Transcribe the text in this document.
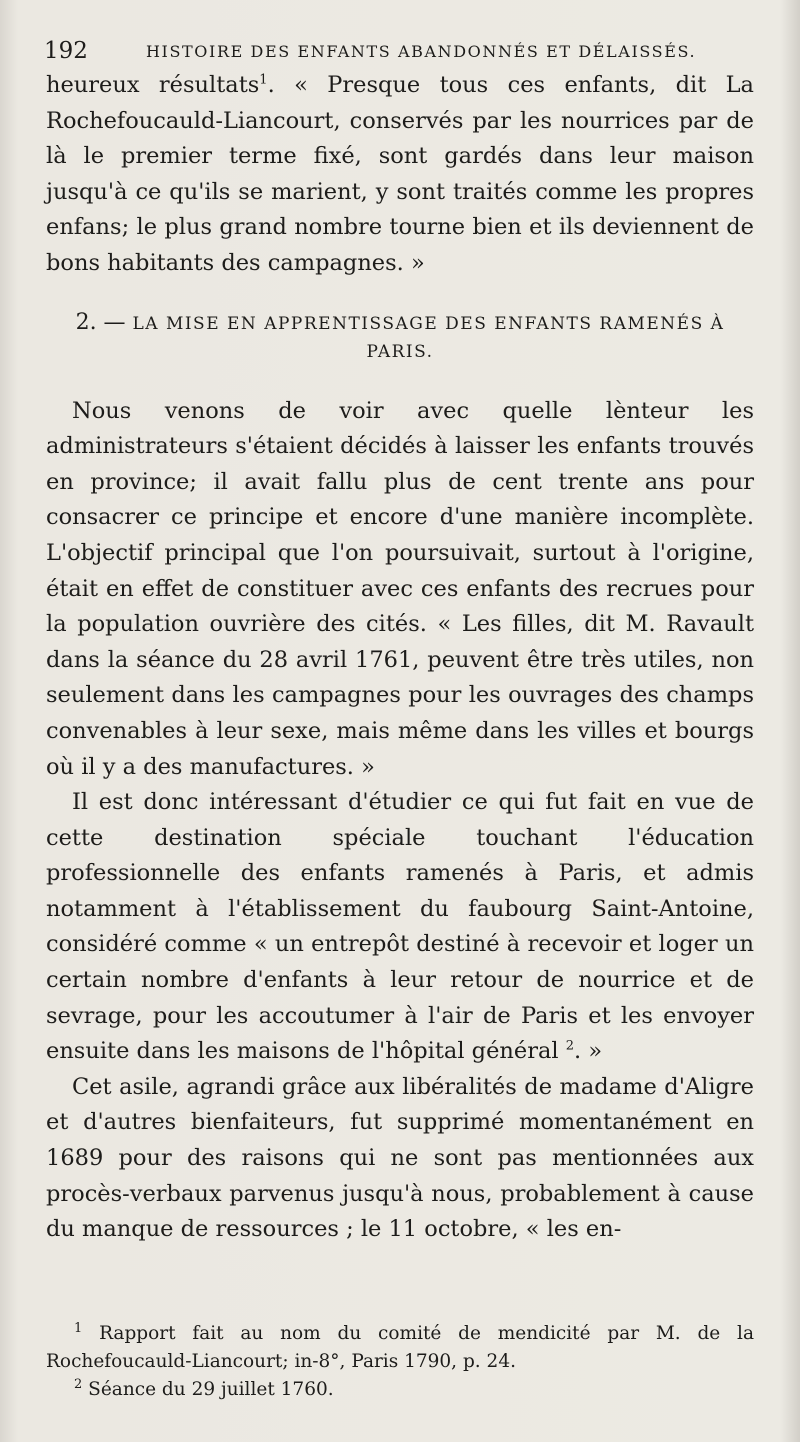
192	HISTOIRE DES ENFANTS ABANDONNÉS ET DÉLAISSÉS.

heureux résultats$^1$. « Presque tous ces enfants, dit La Rochefoucauld-Liancourt, conservés par les nourrices par de là le premier terme fixé, sont gardés dans leur maison jusqu'à ce qu'ils se marient, y sont traités comme les propres enfans; le plus grand nombre tourne bien et ils deviennent de bons habitants des campagnes. »

2. — LA MISE EN APPRENTISSAGE DES ENFANTS RAMENÉS À PARIS.

Nous venons de voir avec quelle lènteur les administrateurs s'étaient décidés à laisser les enfants trouvés en province; il avait fallu plus de cent trente ans pour consacrer ce principe et encore d'une manière incomplète. L'objectif principal que l'on poursuivait, surtout à l'origine, était en effet de constituer avec ces enfants des recrues pour la population ouvrière des cités. « Les filles, dit M. Ravault dans la séance du 28 avril 1761, peuvent être très utiles, non seulement dans les campagnes pour les ouvrages des champs convenables à leur sexe, mais même dans les villes et bourgs où il y a des manufactures. »

Il est donc intéressant d'étudier ce qui fut fait en vue de cette destination spéciale touchant l'éducation professionnelle des enfants ramenés à Paris, et admis notamment à l'établissement du faubourg Saint-Antoine, considéré comme « un entrepôt destiné à recevoir et loger un certain nombre d'enfants à leur retour de nourrice et de sevrage, pour les accoutumer à l'air de Paris et les envoyer ensuite dans les maisons de l'hôpital général $^2$. »

Cet asile, agrandi grâce aux libéralités de madame d'Aligre et d'autres bienfaiteurs, fut supprimé momentanément en 1689 pour des raisons qui ne sont pas mentionnées aux procès-verbaux parvenus jusqu'à nous, probablement à cause du manque de ressources ; le 11 octobre, « les en-

$^1$ Rapport fait au nom du comité de mendicité par M. de la Rochefoucauld-Liancourt; in-8°, Paris 1790, p. 24.

$^2$ Séance du 29 juillet 1760.
